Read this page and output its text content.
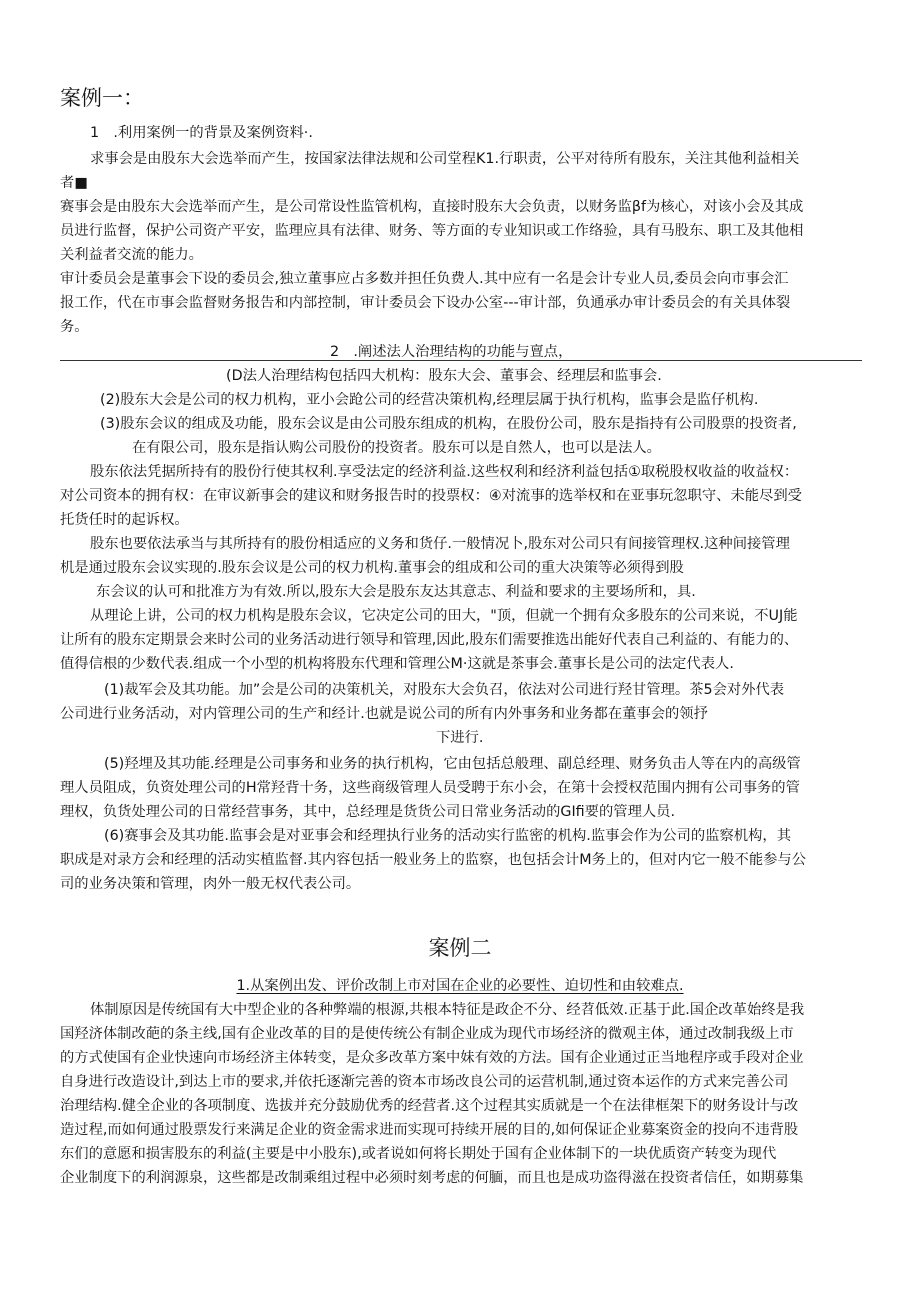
案例一：
1　.利用案例一的背景及案例资料·.
求事会是由股东大会选举而产生，按国家法律法规和公司堂程K1.行职责，公平对待所有股东，关注其他利益相关
者■
赛事会是由股东大会选举而产生，是公司常设性监管机构，直接时股东大会负责，以财务监βf为核心，对该小会及其成
员进行监督，保护公司资产平安，监理应具有法律、财务、等方面的专业知识或工作络验，具有马股东、职工及其他相
关利益者交流的能力。
审计委员会是董事会下设的委员会,独立董事应占多数并担任负费人.其中应有一名是会计专业人员,委员会向市事会汇
报工作，代在市事会监督财务报告和内部控制，审计委员会下设办公室---审计部，负通承办审计委员会的有关具体裂
务。
2　.阐述法人治理结构的功能与亶点，
(D法人治理结构包括四大机构：股东大会、董事会、经理层和监事会.
(2)股东大会是公司的权力机构，亚小会跄公司的经营决策机构,经理层属于执行机构，监事会是监仔机构.
(3)股东会议的组成及功能，股东会议是由公司股东组成的机构，在股份公司，股东是指持有公司股票的投资者,
在有限公司，股东是指认购公司股份的投资者。股东可以是自然人，也可以是法人。
股东依法凭据所持有的股份行使其权利.享受法定的经济利益.这些权利和经济利益包括①取税股权收益的收益权：
对公司资本的拥有权：在审议新事会的建议和财务报告时的投票权：④对流事的选举权和在亚事玩忽职守、未能尽到受
托货任时的起诉权。
股东也要依法承当与其所持有的股份相适应的义务和货仔.一般情况卜,股东对公司只有间接管理权.这种间接管理
机是通过股东会议实现的.股东会议是公司的权力机构.董事会的组成和公司的重大决策等必须得到股
东会议的认可和批准方为有效.所以,股东大会是股东友达其意志、利益和要求的主要场所和，具.
从理论上讲，公司的权力机构是股东会议，它决定公司的田大，"顶，但就一个拥有众多股东的公司来说，不UJ能
让所有的股东定期景会来时公司的业务活动进行领导和管理,因此,股东们需要推选出能好代表自己利益的、有能力的、
值得信根的少数代表.组成一个小型的机构将股东代理和管理公M·这就是茶事会.董事长是公司的法定代表人.
(1)裁军会及其功能。加”会是公司的决策机关，对股东大会负召，依法对公司进行羟甘管理。茶5会对外代表
公司进行业务活动，对内管理公司的生产和经计.也就是说公司的所有内外事务和业务都在董事会的领抒
下进行.
(5)羟埋及其功能.经理是公司事务和业务的执行机构，它由包括总般理、副总经理、财务负击人等在内的高级管
理人员阻成，负资处理公司的H常羟背十务，这些商级管理人员受聘于东小会，在第十会授权范围内拥有公司事务的管
理权，负货处理公司的日常经营事务，其中，总经理是货货公司日常业务活动的GIfi要的管理人员.
(6)赛事会及其功能.监事会是对亚事会和经理执行业务的活动实行监密的机构.监事会作为公司的监察机构，其
职成是对录方会和经理的活动实植监督.其内容包括一般业务上的监察，也包括会计M务上的，但对内它一般不能参与公
司的业务决策和管理，肉外一般无权代表公司。
案例二
1.从案例出发、评价改制上市对国在企业的必要性、迫切性和由较难点.
体制原因是传统国有大中型企业的各种弊端的根源,共根本特征是政企不分、经苕低效.正基于此.国企改革始终是我
国羟济体制改葩的条主线,国有企业改革的目的是使传统公有制企业成为现代市场经济的微观主体，通过改制我级上市
的方式使国有企业快速向市场经济主体转变，是众多改革方案中妹有效的方法。国有企业通过正当地程序或手段对企业
自身进行改造设计,到达上市的要求,并依托逐渐完善的资本市场改良公司的运营机制,通过资本运作的方式来完善公司
治理结构.健全企业的各项制度、选拔并充分鼓励优秀的经营者.这个过程其实质就是一个在法律框架下的财务设计与改
造过程,而如何通过股票发行来满足企业的资金需求进而实现可持续开展的目的,如何保证企业募案资金的投向不违背股
东们的意愿和损害股东的利益(主要是中小股东),或者说如何将长期处于国有企业体制下的一块优质资产转变为现代
企业制度下的利润源泉，这些都是改制乘组过程中必须时刻考虑的何腼，而且也是成功盗得滋在投资者信任，如期募集
